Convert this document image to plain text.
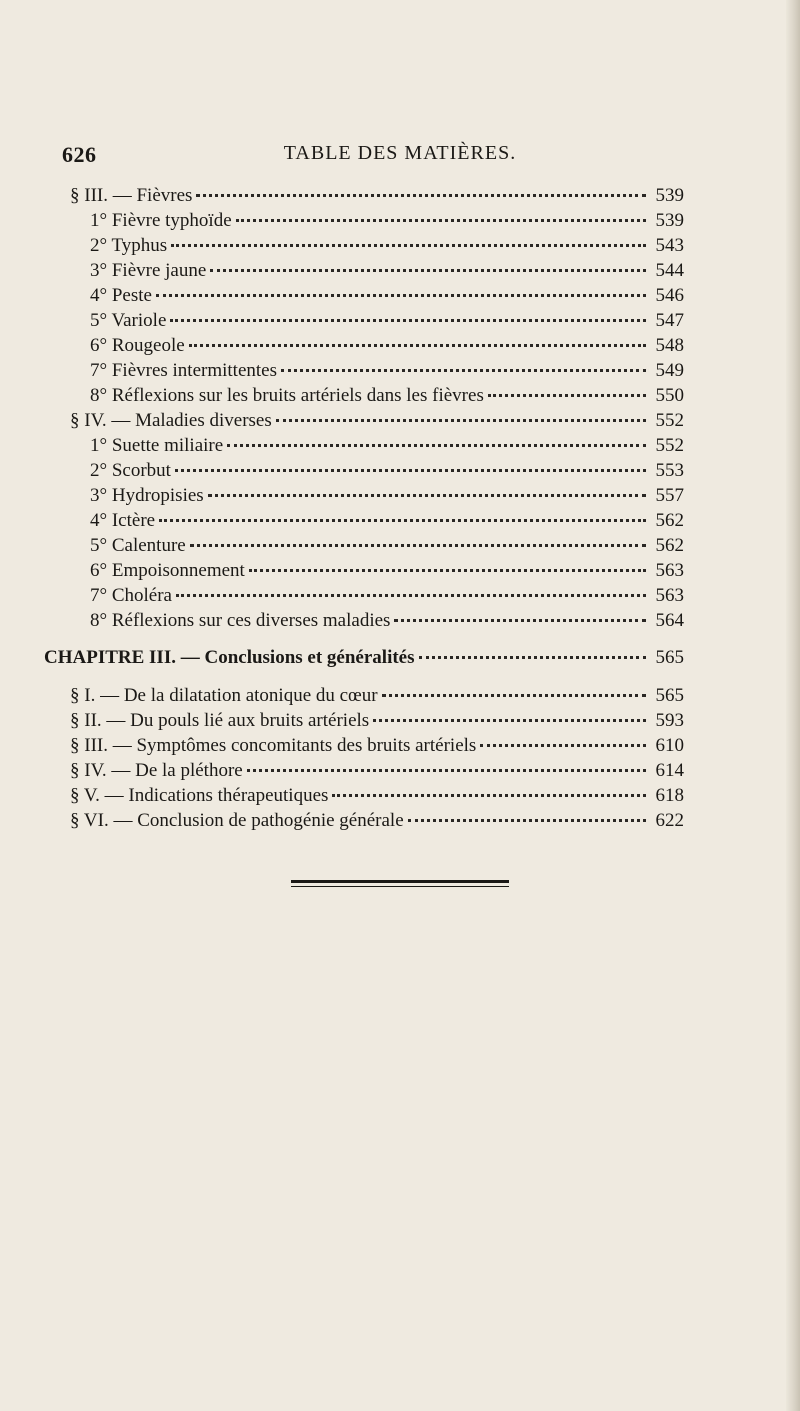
TABLE DES MATIÈRES.
626
§ III. — Fièvres	539
1° Fièvre typhoïde	539
2° Typhus	543
3° Fièvre jaune	544
4° Peste	546
5° Variole	547
6° Rougeole	548
7° Fièvres intermittentes	549
8° Réflexions sur les bruits artériels dans les fièvres	550
§ IV. — Maladies diverses	552
1° Suette miliaire	552
2° Scorbut	553
3° Hydropisies	557
4° Ictère	562
5° Calenture	562
6° Empoisonnement	563
7° Choléra	563
8° Réflexions sur ces diverses maladies	564
CHAPITRE III. — Conclusions et généralités	565
§ I. — De la dilatation atonique du cœur	565
§ II. — Du pouls lié aux bruits artériels	593
§ III. — Symptômes concomitants des bruits artériels	610
§ IV. — De la pléthore	614
§ V. — Indications thérapeutiques	618
§ VI. — Conclusion de pathogénie générale	622
